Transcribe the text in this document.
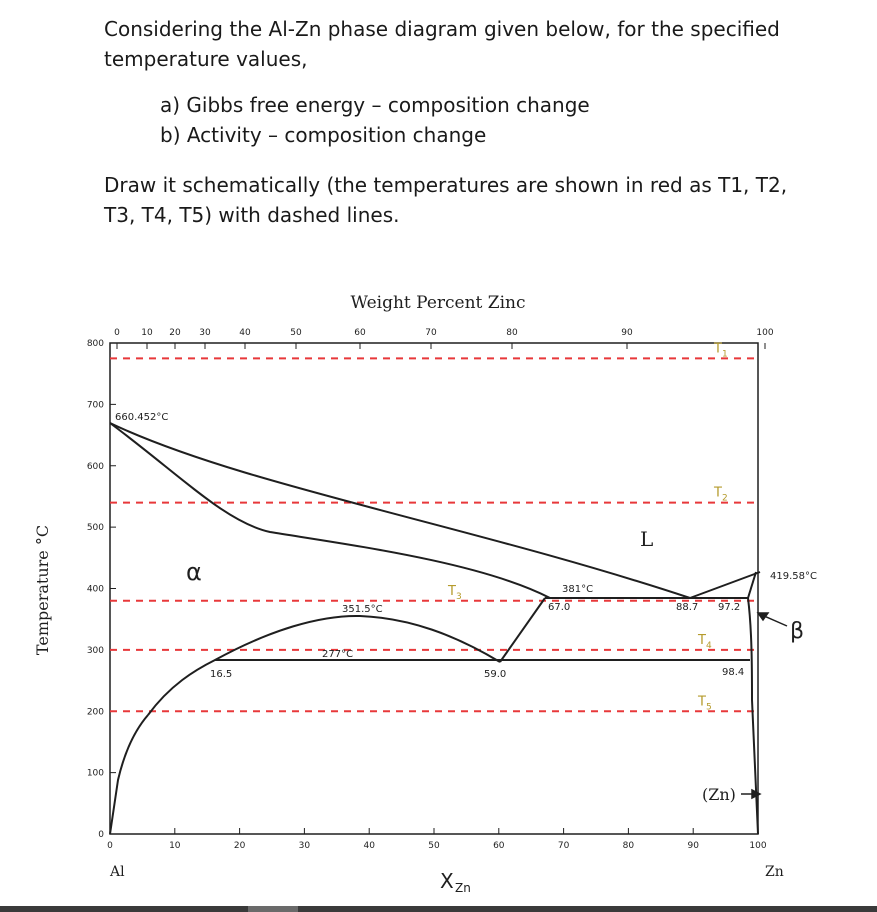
Considering the Al-Zn phase diagram given below, for the specified
temperature values,
a) Gibbs free energy – composition change
b) Activity – composition change
Draw it schematically (the temperatures are shown in red as T1, T2,
T3, T4, T5) with dashed lines.
0 10 20 30	40	50	60	70	80	90	100
0	10	20	30	40	50	60	70	80	90	100
0
100
200
300
400
500
600
700
800
Weight Percent Zinc
Temperature °C
Al	Zn
X Zn
660.452°C
419.58°C
381°C
67.0
351.5°C
277°C
16.5	59.0
88.7 97.2
98.4
α
L
β
(Zn)
$T_1$
$T_2$
$T_3$
$T_4$
$T_5$
